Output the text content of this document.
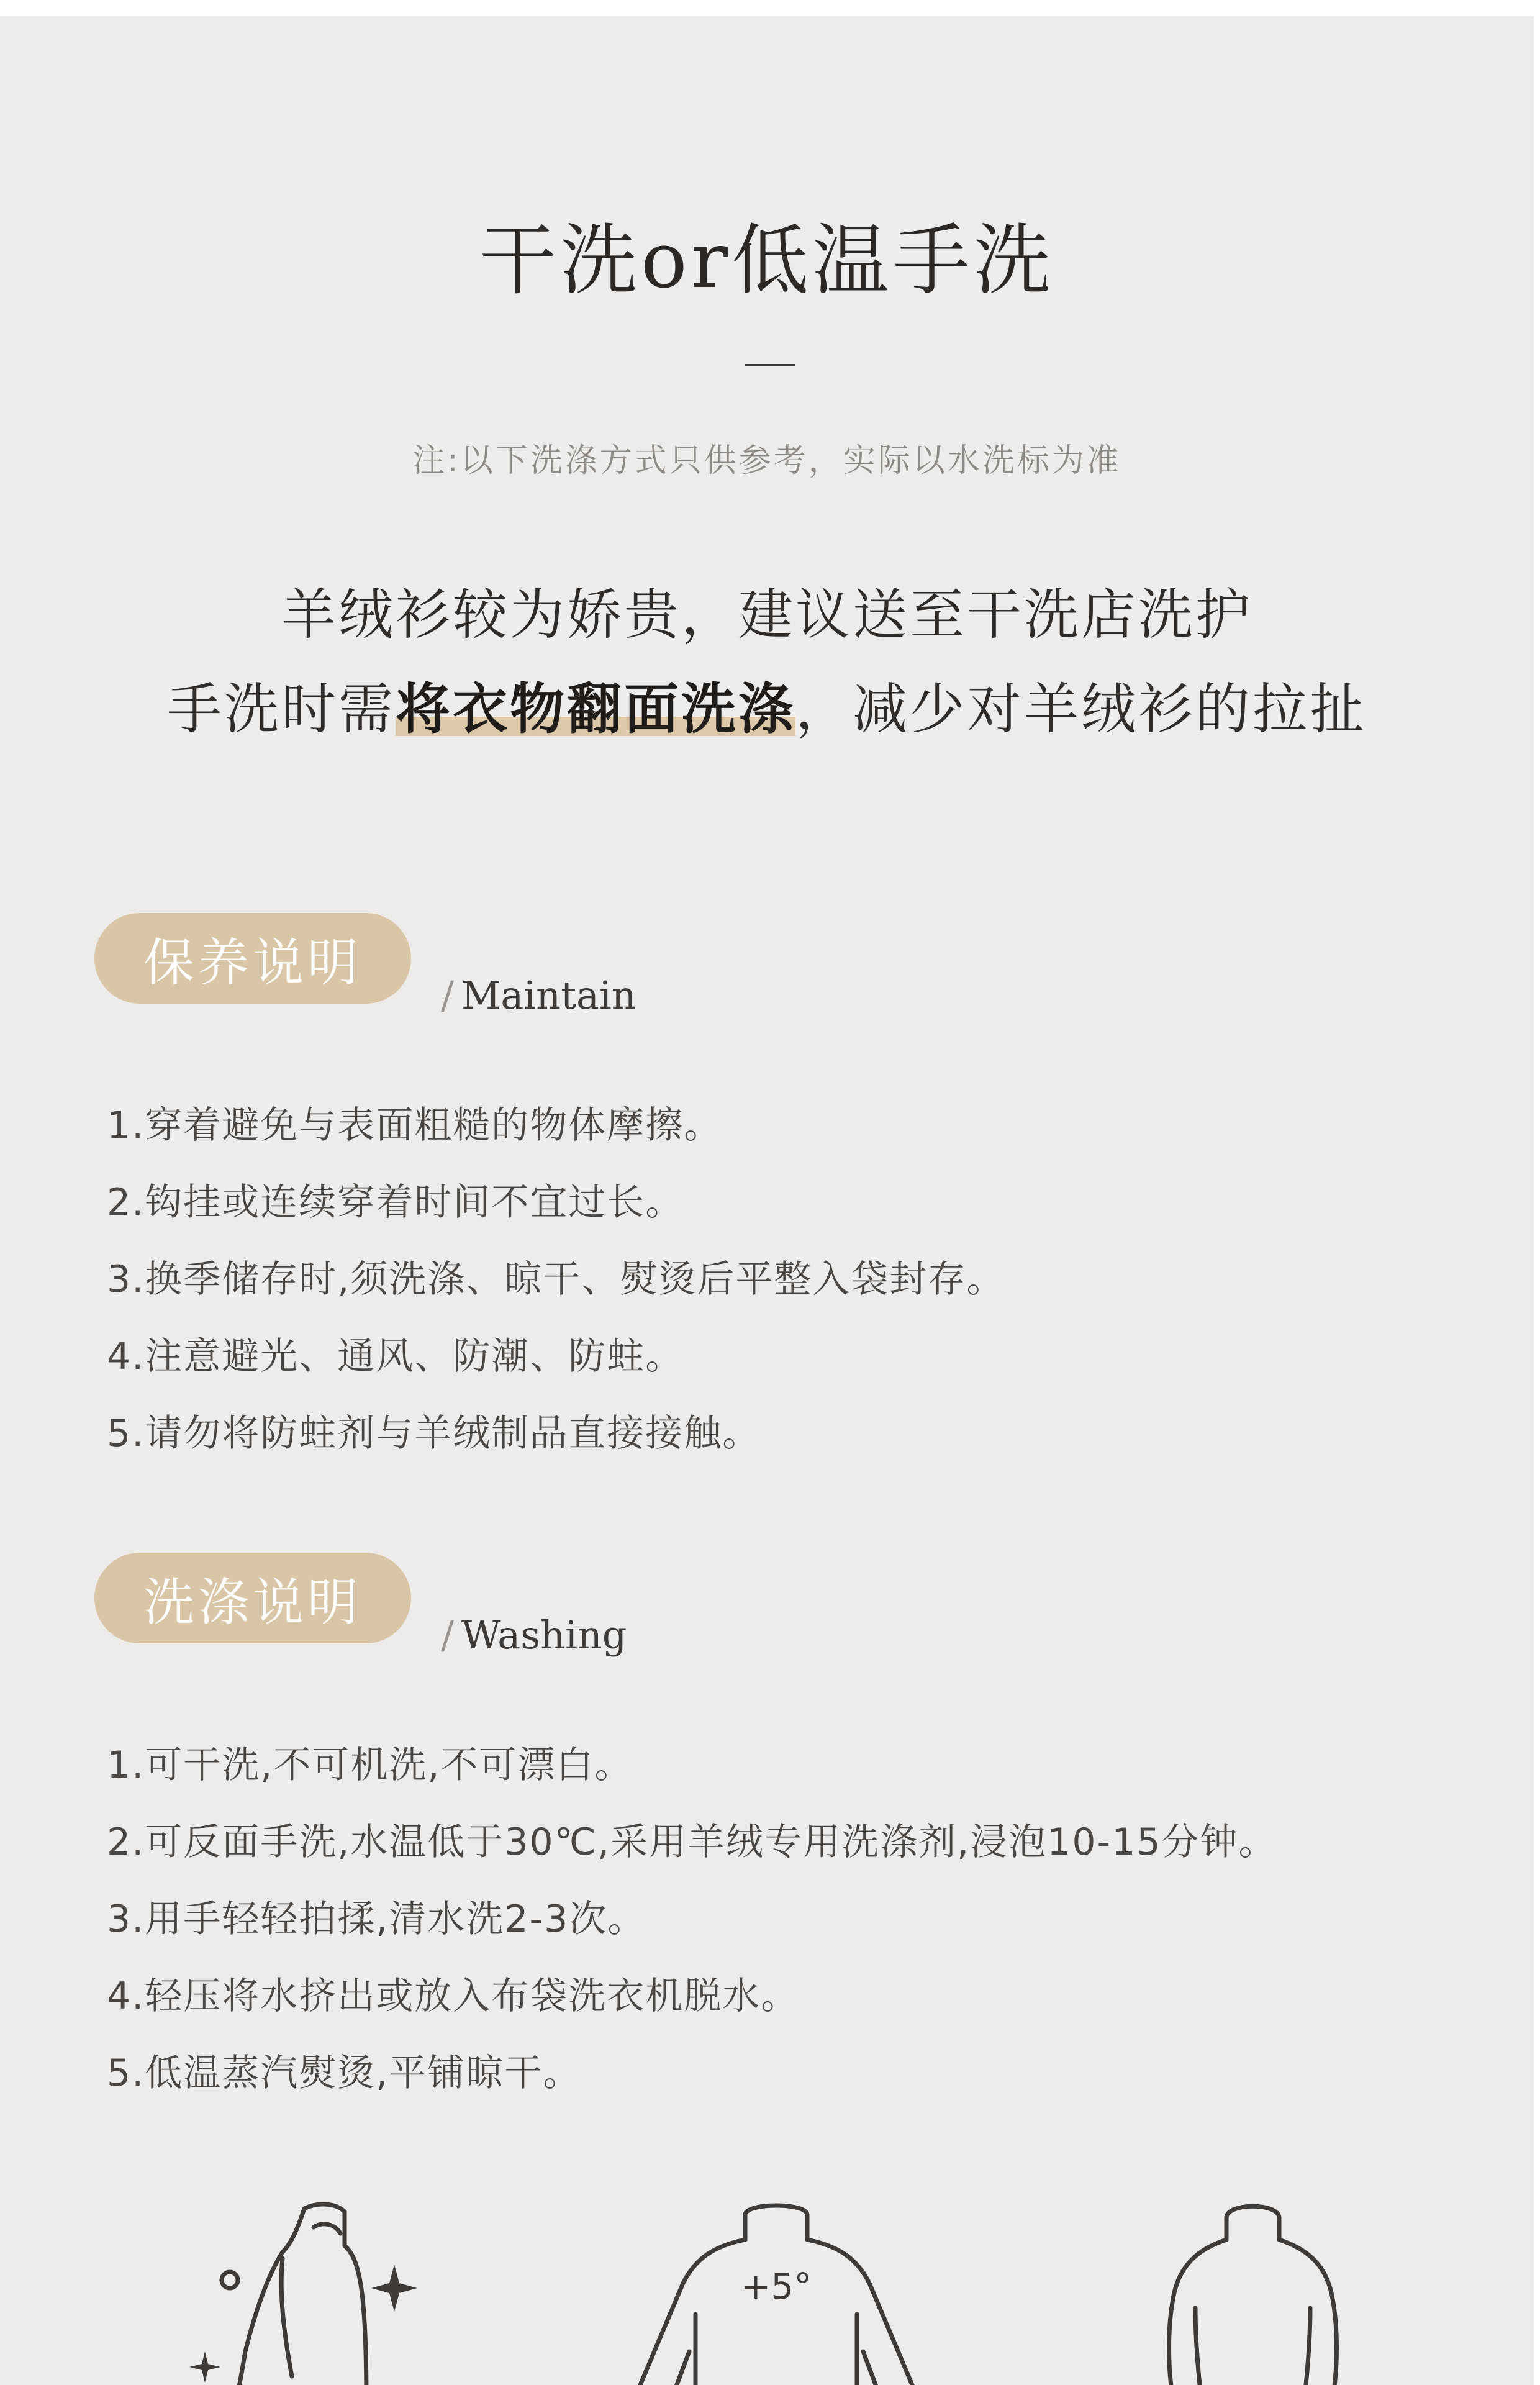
干洗or低温手洗
注:以下洗涤方式只供参考，实际以水洗标为准
羊绒衫较为娇贵，建议送至干洗店洗护
手洗时需将衣物翻面洗涤，减少对羊绒衫的拉扯
保养说明
/ Maintain
1.穿着避免与表面粗糙的物体摩擦。
2.钩挂或连续穿着时间不宜过长。
3.换季储存时,须洗涤、晾干、熨烫后平整入袋封存。
4.注意避光、通风、防潮、防蛀。
5.请勿将防蛀剂与羊绒制品直接接触。
洗涤说明
/ Washing
1.可干洗,不可机洗,不可漂白。
2.可反面手洗,水温低于30℃,采用羊绒专用洗涤剂,浸泡10-15分钟。
3.用手轻轻拍揉,清水洗2-3次。
4.轻压将水挤出或放入布袋洗衣机脱水。
5.低温蒸汽熨烫,平铺晾干。
+5°
